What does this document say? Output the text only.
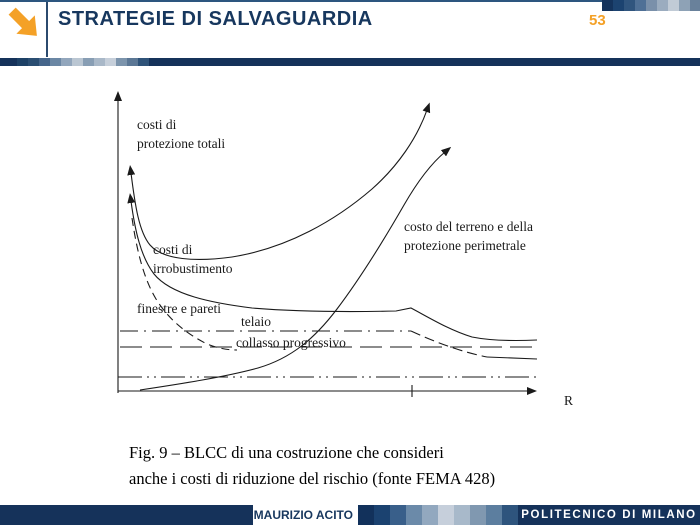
STRATEGIE DI SALVAGUARDIA	53
costi di
protezione totali
costi di
irrobustimento
costo del terreno e della
protezione perimetrale
finestre e pareti
telaio
collasso progressivo
R
Fig. 9 – BLCC di una costruzione che consideri
anche i costi di riduzione del rischio (fonte FEMA 428)
MAURIZIO ACITO	POLITECNICO DI MILANO
